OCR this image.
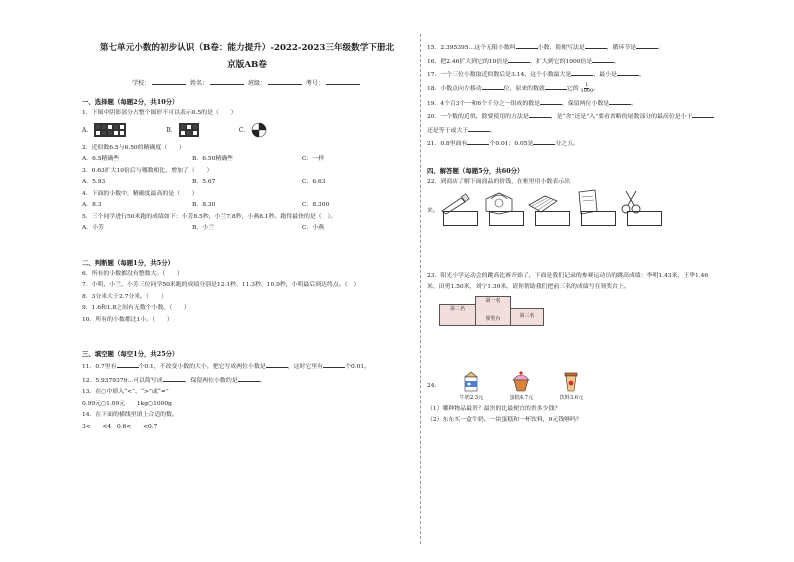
第七单元小数的初步认识（B卷：能力提升）-2022-2023三年级数学下册北
京版AB卷
学校：	姓名：	班级：	考号：
一、选择题（每题2分，共10分）
1．下图中阴影部分占整个图形不可以表示0.5的是（　　）
A．	B．	C．
2．近似数6.5与6.50的精确度（　　）
A．6.5精确些	B．6.50精确些	C．一样
3．0.63扩大10倍后与哪数相比，增加了（　　）
A．5.93	B．5.67	C．6.63
4．下面的小数中，精确度最高的是（　　）
A．8.3	B．8.30	C．8.300
5．三个同学进行50米跑的成绩如下：小芳8.5秒，小兰7.8秒，小燕8.1秒。跑得最快的是（　）。
A．小芳	B．小兰	C．小燕
二、判断题（每题1分，共5分）
6．所有的小数都没有整数大。（　　）
7．小明、小兰、小芳三位同学50米跑的成绩分别是12.1秒、11.3秒、10.9秒，小明最后到达终点。（　）
8．3分米大于2.7分米。（　　）
9．1.6和1.8之间有无数个小数。（　　）
10．所有的小数都比1小。（　　）
三、填空题（每空1分，共25分）
11．0.7里有	个0.1，不改变小数的大小，把它写成两位小数是	，这时它里有	个0.01。
12．5.9379379…可以简写成	，保留两位小数约是	。
13．在○中填入“<”、“>”或“=”
0.99元○1.09元　　1kg○1000g
14．在下面的横线里填上合适的数。
3<　　<4　0.6<　　<0.7
15．2.395395…这个无限小数叫	小数，简便写法是	，循环节是	。
16．把2.46扩大到它的10倍是	，扩大到它的1000倍是	。
17．一个三位小数取近似数后是3.14，这个小数最大是	，最小是	。
18．小数点向左移动	位，原来的数就	它的 $\frac{1}{1000}$ 。
19．4个百3个一和6个千分之一组成的数是	，保留两位小数是	。
20．一个数的近似，除要使用的方法是	，是“舍”还是“入”要看省略的尾数部分的最高位是小于
还是等于或大于	。
21．0.8里面有	个0.01；0.05是	分之五。
四、解答题（每题5分，共60分）
22．到商店了解下面商品的价钱，在框里用小数表示出
来。
23．阳光小学运动会的跳高比赛开始了，下面是我们记录的参赛运动员的跳高成绩：李明1.43米，王华1.46
米，田勇1.50米，刘宁1.39米。请你帮助我们把前三名的成绩写在领奖台上。
第一名
第二名
第三名
领奖台
24．
牛奶2.3元	蛋糕4.7元	饮料3.6元
（1）哪种物品最贵？最贵的比最便宜的贵多少钱？
（2）东东买一盒牛奶、一块蛋糕和一杯饮料，9元钱够吗？
